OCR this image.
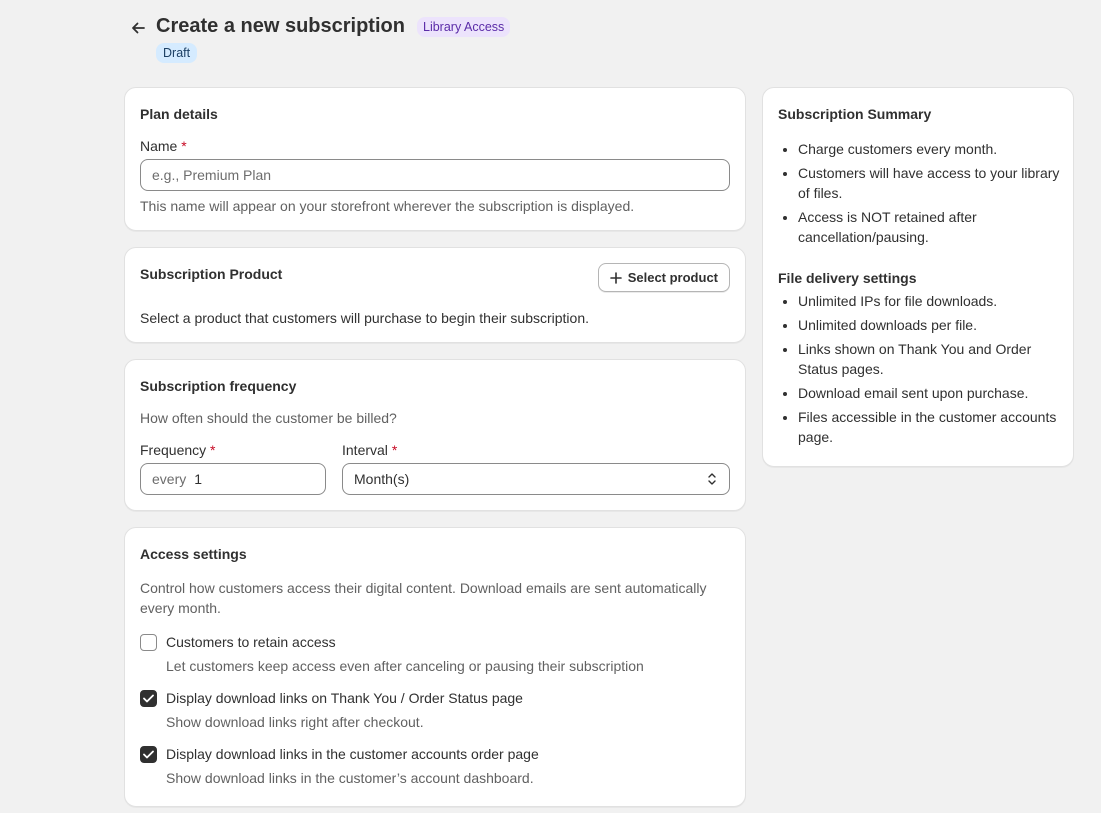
Create a new subscription	Library Access
Draft
Plan details
Name *
e.g., Premium Plan
This name will appear on your storefront wherever the subscription is displayed.
Subscription Product	Select product
Select a product that customers will purchase to begin their subscription.
Subscription frequency
How often should the customer be billed?
Frequency *	Interval *
every 1	Month(s)
Access settings
Control how customers access their digital content. Download emails are sent automatically
every month.
Customers to retain access
Let customers keep access even after canceling or pausing their subscription
Display download links on Thank You / Order Status page
Show download links right after checkout.
Display download links in the customer accounts order page
Show download links in the customer’s account dashboard.
Subscription Summary
• Charge customers every month.
• Customers will have access to your library of files.
• Access is NOT retained after cancellation/pausing.
File delivery settings
• Unlimited IPs for file downloads.
• Unlimited downloads per file.
• Links shown on Thank You and Order Status pages.
• Download email sent upon purchase.
• Files accessible in the customer accounts page.
